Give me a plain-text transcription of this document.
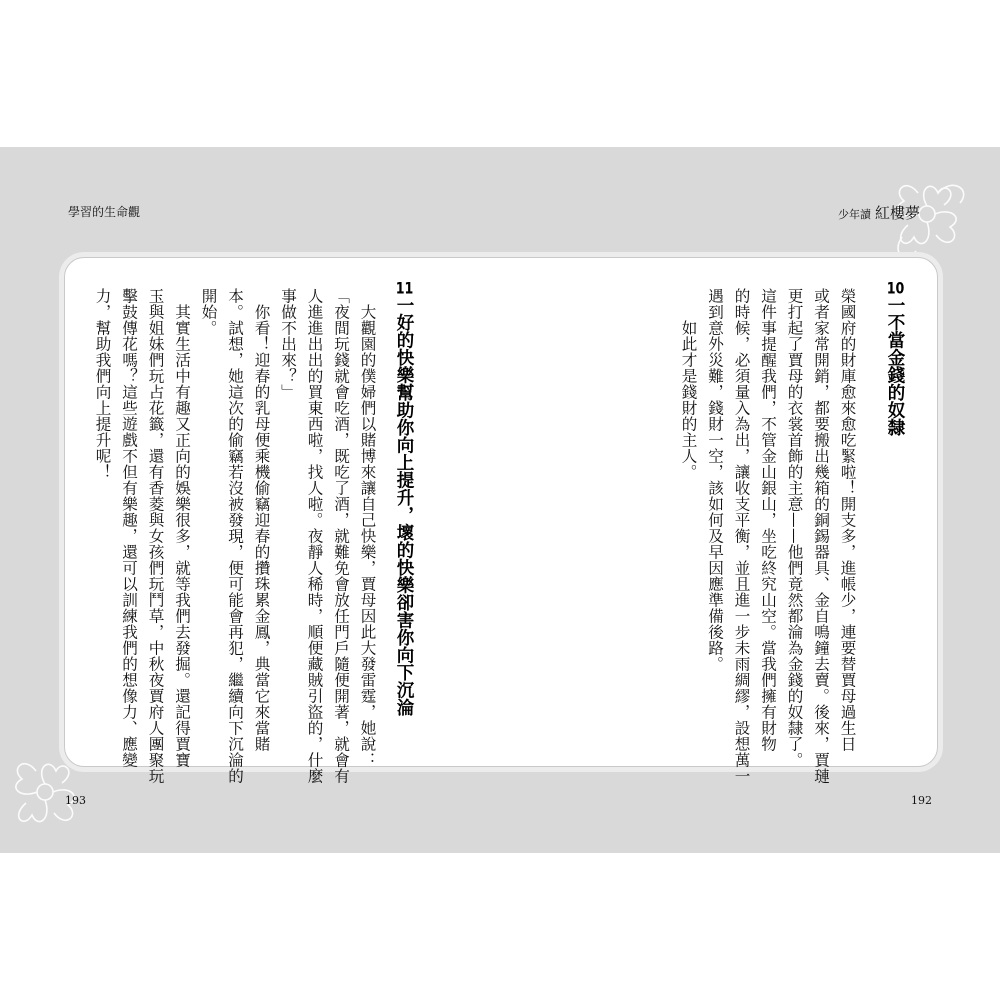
學習的生命觀	少年讀 紅樓夢
10一不當金錢的奴隸
榮國府的財庫愈來愈吃緊啦！開支多，進帳少，連要替賈母過生日
或者家常開銷，都要搬出幾箱的銅錫器具、金自鳴鐘去賣。後來，賈璉
更打起了賈母的衣裳首飾的主意——他們竟然都淪為金錢的奴隸了。
這件事提醒我們，不管金山銀山，坐吃終究山空。當我們擁有財物
的時候，必須量入為出，讓收支平衡，並且進一步未雨綢繆，設想萬一
遇到意外災難，錢財一空，該如何及早因應準備後路。
如此才是錢財的主人。
11一好的快樂幫助你向上提升，壞的快樂卻害你向下沉淪
大觀園的僕婦們以賭博來讓自己快樂，賈母因此大發雷霆，她說：
「夜間玩錢就會吃酒，既吃了酒，就難免會放任門戶隨便開著，就會有
人進進出出的買東西啦，找人啦。夜靜人稀時，順便藏賊引盜的，什麼
事做不出來？」
你看！迎春的乳母便乘機偷竊迎春的攢珠累金鳳，典當它來當賭
本。試想，她這次的偷竊若沒被發現，便可能會再犯，繼續向下沉淪的
開始。
其實生活中有趣又正向的娛樂很多，就等我們去發掘。還記得賈寶
玉與姐妹們玩占花籤，還有香菱與女孩們玩鬥草，中秋夜賈府人團聚玩
擊鼓傳花嗎？這些遊戲不但有樂趣，還可以訓練我們的想像力、應變
力，幫助我們向上提升呢！
193	192
